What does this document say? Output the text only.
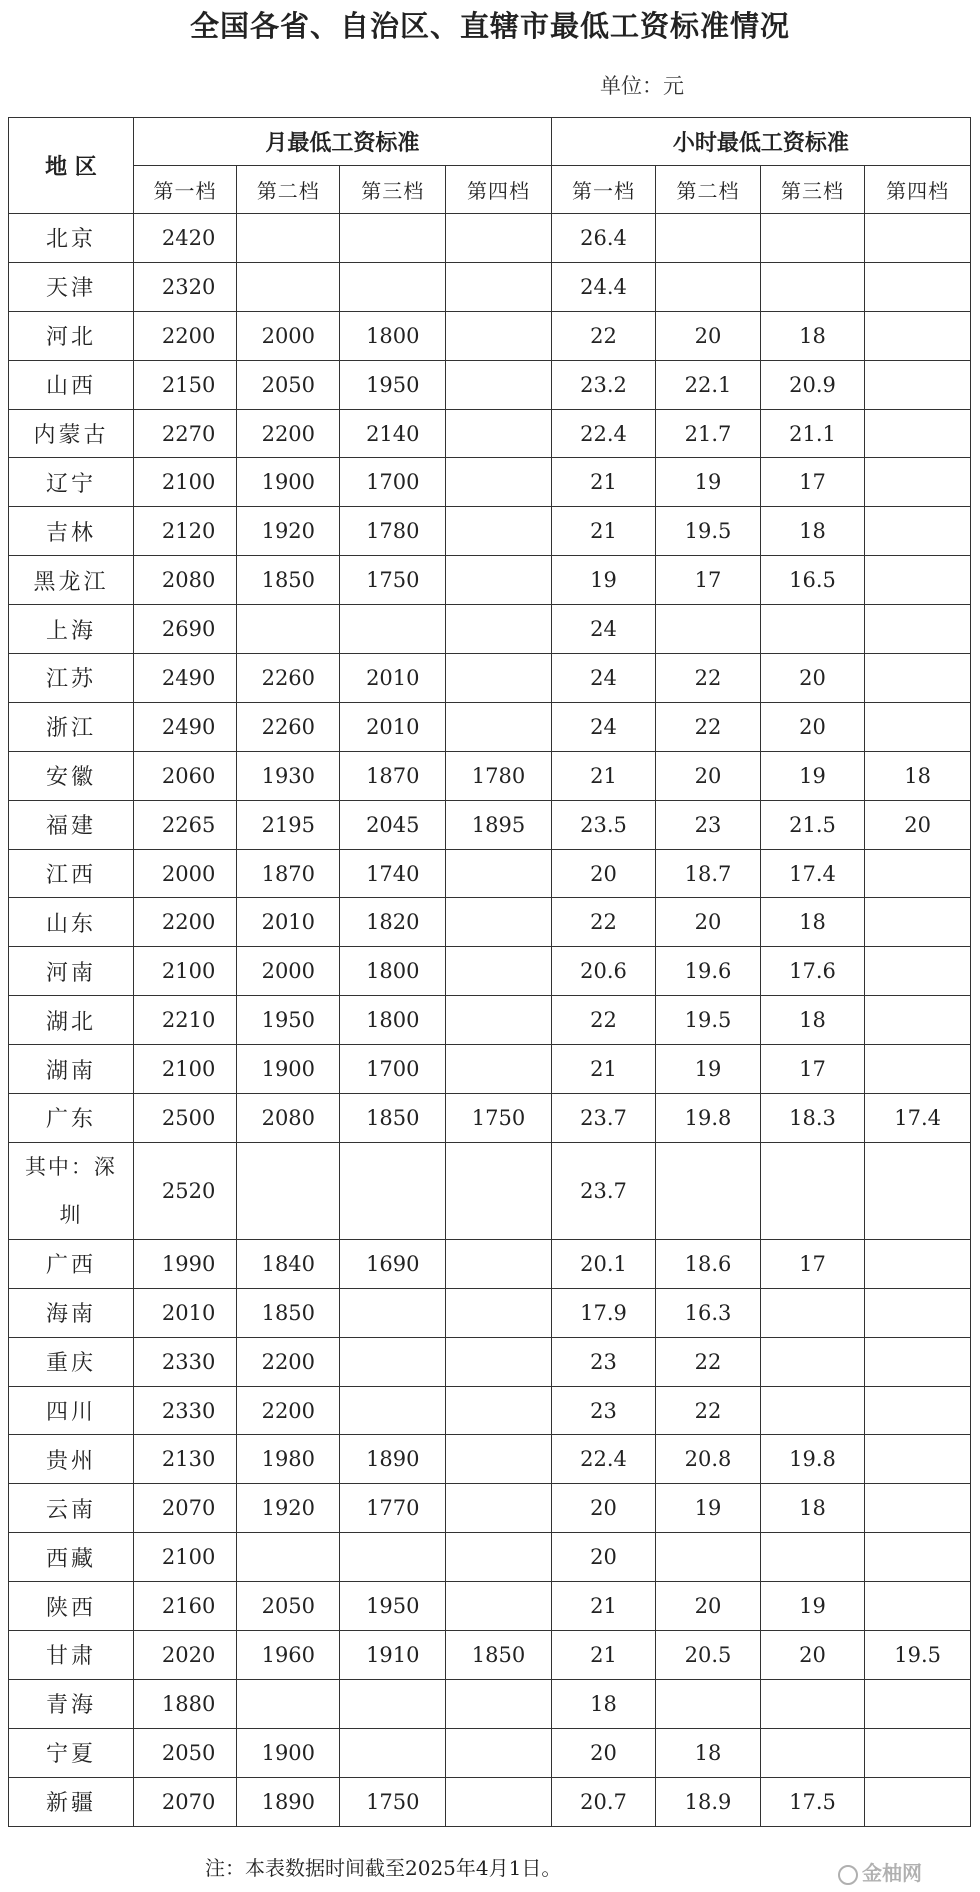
全国各省、自治区、直辖市最低工资标准情况
单位：元
地 区	月最低工资标准				小时最低工资标准			
	第一档	第二档	第三档	第四档	第一档	第二档	第三档	第四档
北京	2420				26.4			
天津	2320				24.4			
河北	2200	2000	1800		22	20	18	
山西	2150	2050	1950		23.2	22.1	20.9	
内蒙古	2270	2200	2140		22.4	21.7	21.1	
辽宁	2100	1900	1700		21	19	17	
吉林	2120	1920	1780		21	19.5	18	
黑龙江	2080	1850	1750		19	17	16.5	
上海	2690				24			
江苏	2490	2260	2010		24	22	20	
浙江	2490	2260	2010		24	22	20	
安徽	2060	1930	1870	1780	21	20	19	18
福建	2265	2195	2045	1895	23.5	23	21.5	20
江西	2000	1870	1740		20	18.7	17.4	
山东	2200	2010	1820		22	20	18	
河南	2100	2000	1800		20.6	19.6	17.6	
湖北	2210	1950	1800		22	19.5	18	
湖南	2100	1900	1700		21	19	17	
广东	2500	2080	1850	1750	23.7	19.8	18.3	17.4

其中：深
圳	2520				23.7			
广西	1990	1840	1690		20.1	18.6	17	
海南	2010	1850			17.9	16.3		
重庆	2330	2200			23	22		
四川	2330	2200			23	22		
贵州	2130	1980	1890		22.4	20.8	19.8	
云南	2070	1920	1770		20	19	18	
西藏	2100				20			
陕西	2160	2050	1950		21	20	19	
甘肃	2020	1960	1910	1850	21	20.5	20	19.5
青海	1880				18			
宁夏	2050	1900			20	18		
新疆	2070	1890	1750		20.7	18.9	17.5	
注：本表数据时间截至2025年4月1日。	金柚网
